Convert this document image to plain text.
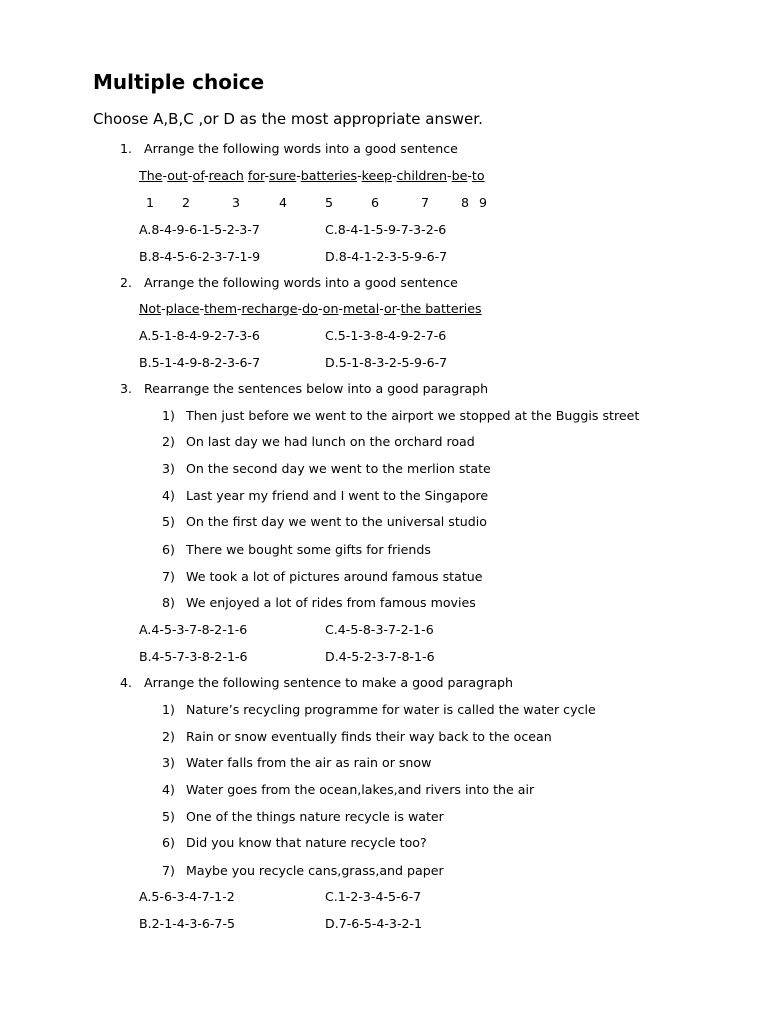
Multiple choice
Choose A,B,C ,or D as the most appropriate answer.
1. Arrange the following words into a good sentence
The-out-of-reach for-sure-batteries-keep-children-be-to
1 2	3	4	5	6	7	8 9
A.8-4-9-6-1-5-2-3-7	C.8-4-1-5-9-7-3-2-6
B.8-4-5-6-2-3-7-1-9	D.8-4-1-2-3-5-9-6-7
2. Arrange the following words into a good sentence
Not-place-them-recharge-do-on-metal-or-the batteries
A.5-1-8-4-9-2-7-3-6	C.5-1-3-8-4-9-2-7-6
B.5-1-4-9-8-2-3-6-7	D.5-1-8-3-2-5-9-6-7
3. Rearrange the sentences below into a good paragraph
1) Then just before we went to the airport we stopped at the Buggis street
2) On last day we had lunch on the orchard road
3) On the second day we went to the merlion state
4) Last year my friend and I went to the Singapore
5) On the first day we went to the universal studio
6) There we bought some gifts for friends
7) We took a lot of pictures around famous statue
8) We enjoyed a lot of rides from famous movies
A.4-5-3-7-8-2-1-6	C.4-5-8-3-7-2-1-6
B.4-5-7-3-8-2-1-6	D.4-5-2-3-7-8-1-6
4. Arrange the following sentence to make a good paragraph
1) Nature’s recycling programme for water is called the water cycle
2) Rain or snow eventually finds their way back to the ocean
3) Water falls from the air as rain or snow
4) Water goes from the ocean,lakes,and rivers into the air
5) One of the things nature recycle is water
6) Did you know that nature recycle too?
7) Maybe you recycle cans,grass,and paper
A.5-6-3-4-7-1-2	C.1-2-3-4-5-6-7
B.2-1-4-3-6-7-5	D.7-6-5-4-3-2-1
